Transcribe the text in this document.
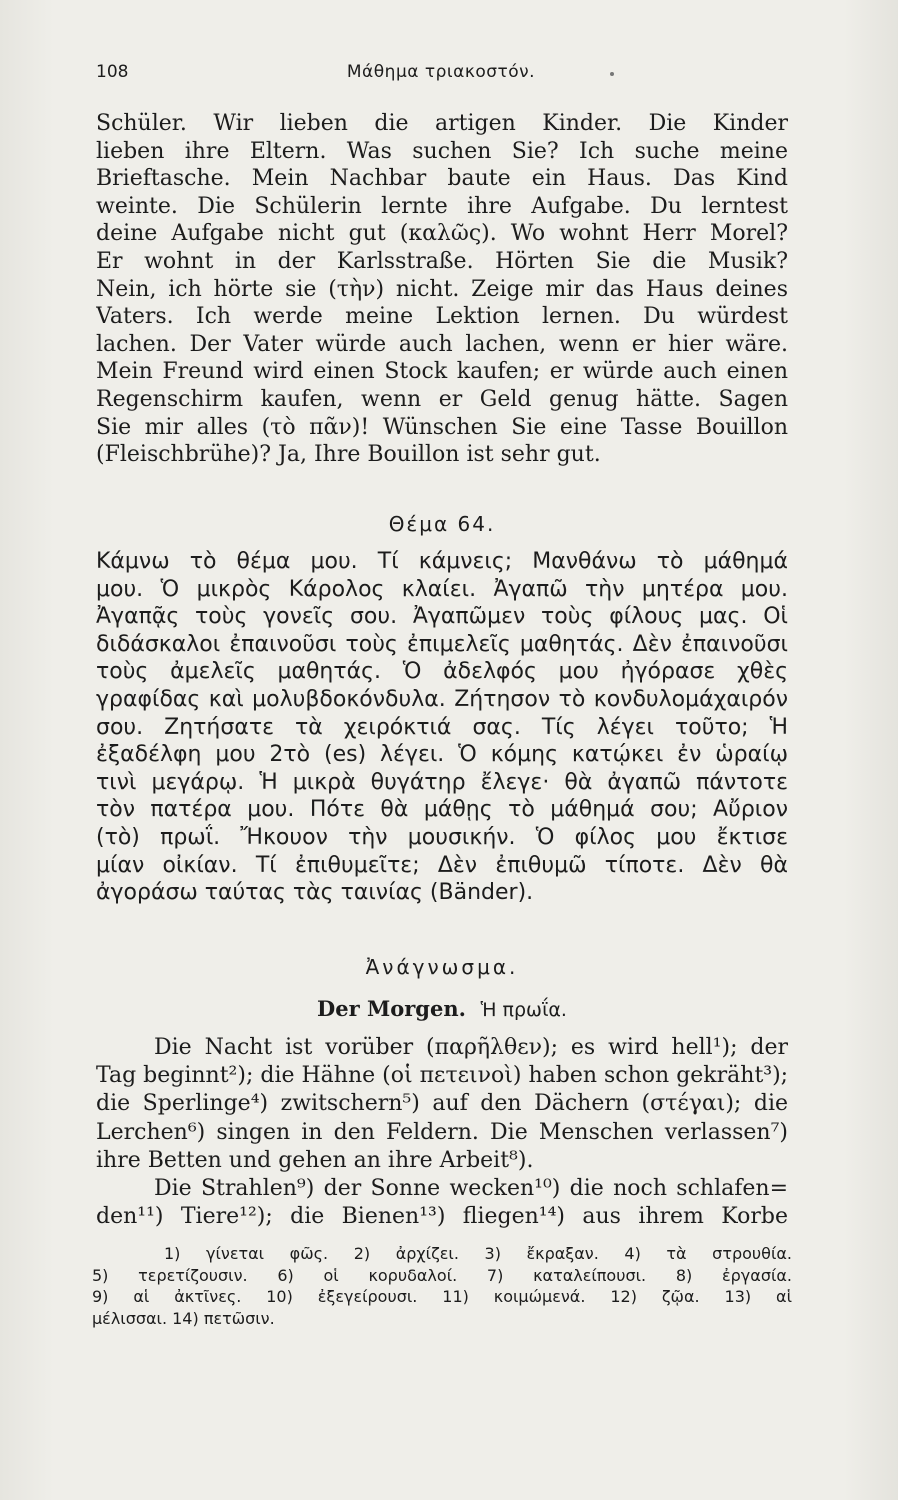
108	Μάθημα τριακοστόν.
Schüler. Wir lieben die artigen Kinder. Die Kinder
lieben ihre Eltern. Was suchen Sie? Ich suche meine
Brieftasche. Mein Nachbar baute ein Haus. Das Kind
weinte. Die Schülerin lernte ihre Aufgabe. Du lerntest
deine Aufgabe nicht gut (καλῶς). Wo wohnt Herr Morel?
Er wohnt in der Karlsstraße. Hörten Sie die Musik?
Nein, ich hörte sie (τὴν) nicht. Zeige mir das Haus deines
Vaters. Ich werde meine Lektion lernen. Du würdest
lachen. Der Vater würde auch lachen, wenn er hier wäre.
Mein Freund wird einen Stock kaufen; er würde auch einen
Regenschirm kaufen, wenn er Geld genug hätte. Sagen
Sie mir alles (τὸ πᾶν)! Wünschen Sie eine Tasse Bouillon
(Fleischbrühe)? Ja, Ihre Bouillon ist sehr gut.
Θέμα 64.
Κάμνω τὸ θέμα μου. Τί κάμνεις; Μανθάνω τὸ μάθημά
μου. Ὁ μικρὸς Κάρολος κλαίει. Ἀγαπῶ τὴν μητέρα μου.
Ἀγαπᾷς τοὺς γονεῖς σου. Ἀγαπῶμεν τοὺς φίλους μας. Οἱ
διδάσκαλοι ἐπαινοῦσι τοὺς ἐπιμελεῖς μαθητάς. Δὲν ἐπαινοῦσι
τοὺς ἀμελεῖς μαθητάς. Ὁ ἀδελφός μου ἠγόρασε χθὲς
γραφίδας καὶ μολυβδοκόνδυλα. Ζήτησον τὸ κονδυλομάχαιρόν
σου. Ζητήσατε τὰ χειρόκτιά σας. Τίς λέγει τοῦτο; Ἡ
ἐξαδέλφη μου 2τὸ (es) λέγει. Ὁ κόμης κατῴκει ἐν ὡραίῳ
τινὶ μεγάρῳ. Ἡ μικρὰ θυγάτηρ ἔλεγε· θὰ ἀγαπῶ πάντοτε
τὸν πατέρα μου. Πότε θὰ μάθῃς τὸ μάθημά σου; Αὔριον
(τὸ) πρωΐ. Ἤκουον τὴν μουσικήν. Ὁ φίλος μου ἔκτισε
μίαν οἰκίαν. Τί ἐπιθυμεῖτε; Δὲν ἐπιθυμῶ τίποτε. Δὲν θὰ
ἀγοράσω ταύτας τὰς ταινίας (Bänder).
Ἀνάγνωσμα.
Der Morgen. Ἡ πρωΐα.
Die Nacht ist vorüber (παρῆλθεν); es wird hell¹); der
Tag beginnt²); die Hähne (οἱ πετεινοὶ) haben schon gekräht³);
die Sperlinge⁴) zwitschern⁵) auf den Dächern (στέγαι); die
Lerchen⁶) singen in den Feldern. Die Menschen verlassen⁷)
ihre Betten und gehen an ihre Arbeit⁸).
Die Strahlen⁹) der Sonne wecken¹⁰) die noch schlafen=
den¹¹) Tiere¹²); die Bienen¹³) fliegen¹⁴) aus ihrem Korbe
1) γίνεται φῶς. 2) ἀρχίζει. 3) ἔκραξαν. 4) τὰ στρουθία.
5) τερετίζουσιν. 6) οἱ κορυδαλοί. 7) καταλείπουσι. 8) ἐργασία.
9) αἱ ἀκτῖνες. 10) ἐξεγείρουσι. 11) κοιμώμενά. 12) ζῷα. 13) αἱ
μέλισσαι. 14) πετῶσιν.
